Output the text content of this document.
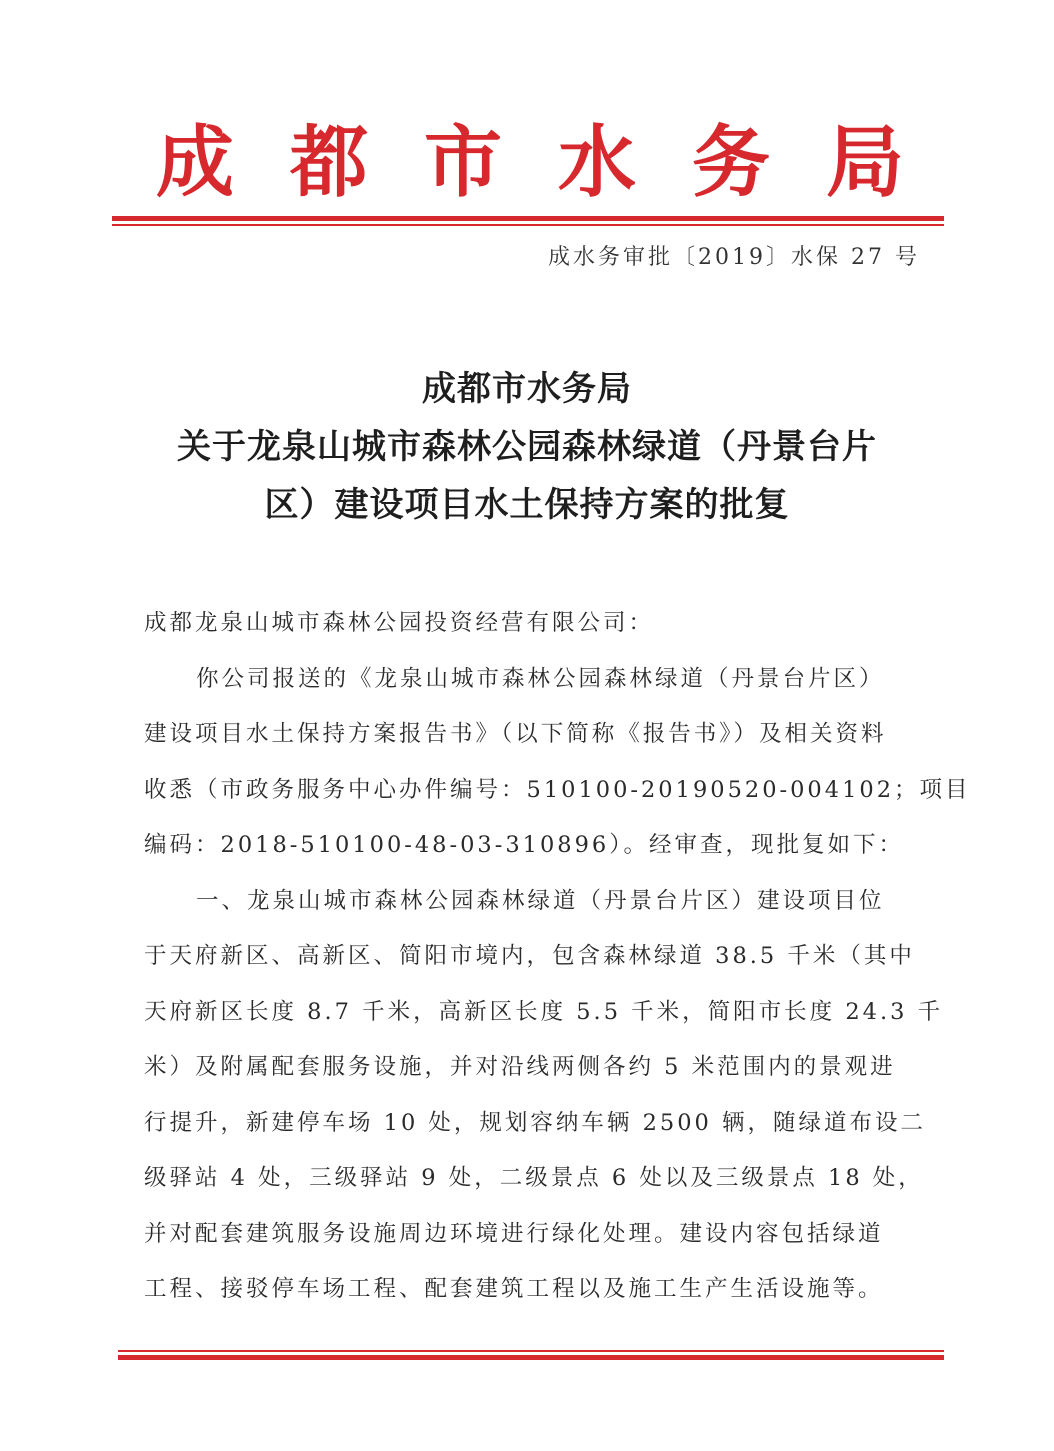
成 都 市 水 务 局
成水务审批〔2019〕水保 27 号
成都市水务局
关于龙泉山城市森林公园森林绿道（丹景台片
区）建设项目水土保持方案的批复
成都龙泉山城市森林公园投资经营有限公司：
你公司报送的《龙泉山城市森林公园森林绿道（丹景台片区）
建设项目水土保持方案报告书》（以下简称《报告书》）及相关资料
收悉（市政务服务中心办件编号：510100-20190520-004102；项目
编码：2018-510100-48-03-310896）。经审查，现批复如下：
一、龙泉山城市森林公园森林绿道（丹景台片区）建设项目位
于天府新区、高新区、简阳市境内，包含森林绿道 38.5 千米（其中
天府新区长度 8.7 千米，高新区长度 5.5 千米，简阳市长度 24.3 千
米）及附属配套服务设施，并对沿线两侧各约 5 米范围内的景观进
行提升，新建停车场 10 处，规划容纳车辆 2500 辆，随绿道布设二
级驿站 4 处，三级驿站 9 处，二级景点 6 处以及三级景点 18 处，
并对配套建筑服务设施周边环境进行绿化处理。建设内容包括绿道
工程、接驳停车场工程、配套建筑工程以及施工生产生活设施等。
